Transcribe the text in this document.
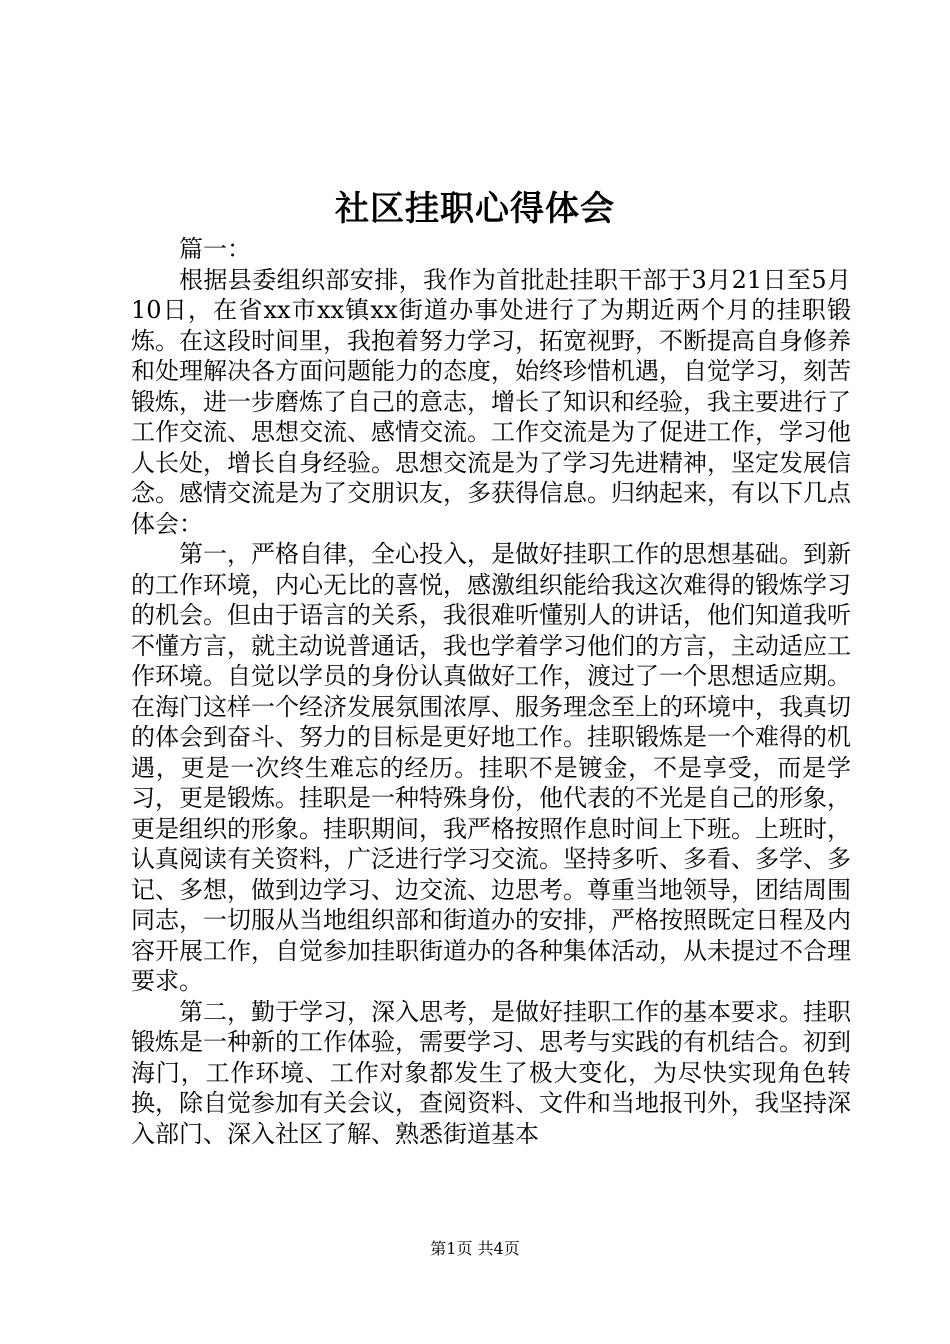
社区挂职心得体会

篇一：

根据县委组织部安排，我作为首批赴挂职干部于3月21日至5月10日，在省xx市xx镇xx街道办事处进行了为期近两个月的挂职锻炼。在这段时间里，我抱着努力学习，拓宽视野，不断提高自身修养和处理解决各方面问题能力的态度，始终珍惜机遇，自觉学习，刻苦锻炼，进一步磨炼了自己的意志，增长了知识和经验，我主要进行了工作交流、思想交流、感情交流。工作交流是为了促进工作，学习他人长处，增长自身经验。思想交流是为了学习先进精神，坚定发展信念。感情交流是为了交朋识友，多获得信息。归纳起来，有以下几点体会：

第一，严格自律，全心投入，是做好挂职工作的思想基础。到新的工作环境，内心无比的喜悦，感激组织能给我这次难得的锻炼学习的机会。但由于语言的关系，我很难听懂别人的讲话，他们知道我听不懂方言，就主动说普通话，我也学着学习他们的方言，主动适应工作环境。自觉以学员的身份认真做好工作，渡过了一个思想适应期。在海门这样一个经济发展氛围浓厚、服务理念至上的环境中，我真切的体会到奋斗、努力的目标是更好地工作。挂职锻炼是一个难得的机遇，更是一次终生难忘的经历。挂职不是镀金，不是享受，而是学习，更是锻炼。挂职是一种特殊身份，他代表的不光是自己的形象，更是组织的形象。挂职期间，我严格按照作息时间上下班。上班时，认真阅读有关资料，广泛进行学习交流。坚持多听、多看、多学、多记、多想，做到边学习、边交流、边思考。尊重当地领导，团结周围同志，一切服从当地组织部和街道办的安排，严格按照既定日程及内容开展工作，自觉参加挂职街道办的各种集体活动，从未提过不合理要求。

第二，勤于学习，深入思考，是做好挂职工作的基本要求。挂职锻炼是一种新的工作体验，需要学习、思考与实践的有机结合。初到海门，工作环境、工作对象都发生了极大变化，为尽快实现角色转换，除自觉参加有关会议，查阅资料、文件和当地报刊外，我坚持深入部门、深入社区了解、熟悉街道基本

第1页 共4页
